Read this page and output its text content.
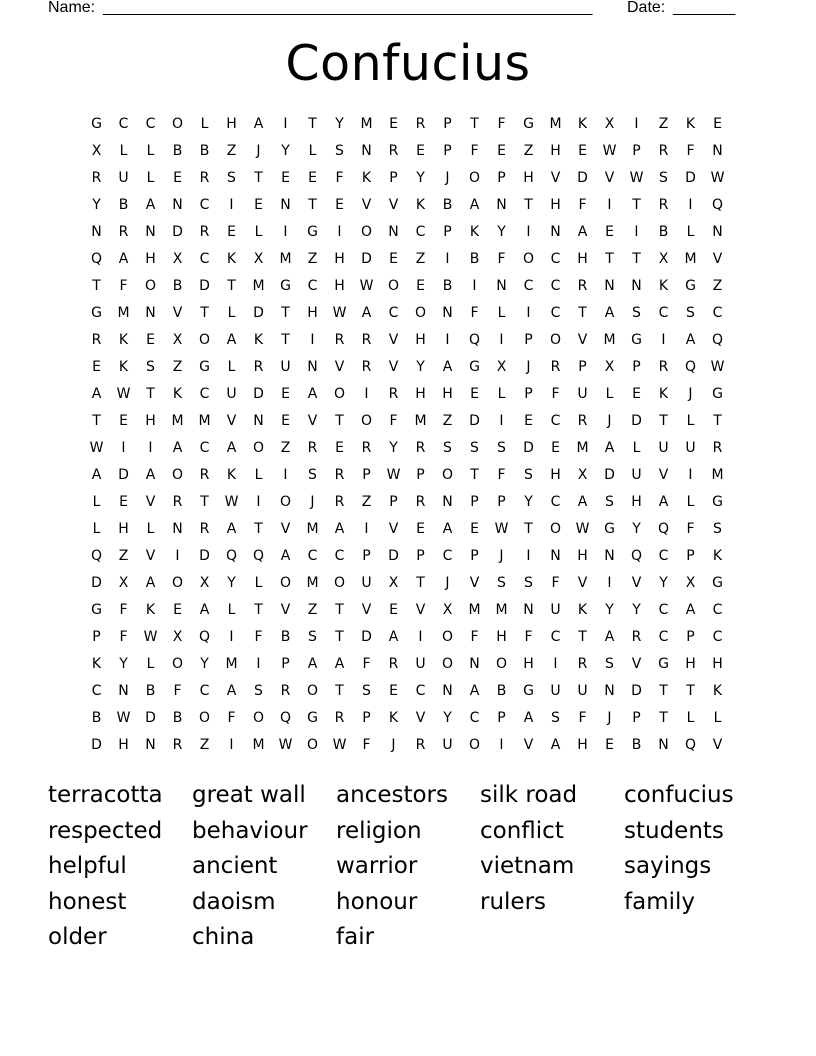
Name: _______________________________________________________ Date: _______
Confucius
G	C	C	O	L	H	A	I	T	Y	M	E	R	P	T	F	G	M	K	X	I	Z	K	E
X	L	L	B	B	Z	J	Y	L	S	N	R	E	P	F	E	Z	H	E	W	P	R	F	N
R	U	L	E	R	S	T	E	E	F	K	P	Y	J	O	P	H	V	D	V	W	S	D	W
Y	B	A	N	C	I	E	N	T	E	V	V	K	B	A	N	T	H	F	I	T	R	I	Q
N	R	N	D	R	E	L	I	G	I	O	N	C	P	K	Y	I	N	A	E	I	B	L	N
Q	A	H	X	C	K	X	M	Z	H	D	E	Z	I	B	F	O	C	H	T	T	X	M	V
T	F	O	B	D	T	M	G	C	H	W	O	E	B	I	N	C	C	R	N	N	K	G	Z
G	M	N	V	T	L	D	T	H	W	A	C	O	N	F	L	I	C	T	A	S	C	S	C
R	K	E	X	O	A	K	T	I	R	R	V	H	I	Q	I	P	O	V	M	G	I	A	Q
E	K	S	Z	G	L	R	U	N	V	R	V	Y	A	G	X	J	R	P	X	P	R	Q	W
A	W	T	K	C	U	D	E	A	O	I	R	H	H	E	L	P	F	U	L	E	K	J	G
T	E	H	M	M	V	N	E	V	T	O	F	M	Z	D	I	E	C	R	J	D	T	L	T
W	I	I	A	C	A	O	Z	R	E	R	Y	R	S	S	S	D	E	M	A	L	U	U	R
A	D	A	O	R	K	L	I	S	R	P	W	P	O	T	F	S	H	X	D	U	V	I	M
L	E	V	R	T	W	I	O	J	R	Z	P	R	N	P	P	Y	C	A	S	H	A	L	G
L	H	L	N	R	A	T	V	M	A	I	V	E	A	E	W	T	O	W	G	Y	Q	F	S
Q	Z	V	I	D	Q	Q	A	C	C	P	D	P	C	P	J	I	N	H	N	Q	C	P	K
D	X	A	O	X	Y	L	O	M	O	U	X	T	J	V	S	S	F	V	I	V	Y	X	G
G	F	K	E	A	L	T	V	Z	T	V	E	V	X	M	M	N	U	K	Y	Y	C	A	C
P	F	W	X	Q	I	F	B	S	T	D	A	I	O	F	H	F	C	T	A	R	C	P	C
K	Y	L	O	Y	M	I	P	A	A	F	R	U	O	N	O	H	I	R	S	V	G	H	H
C	N	B	F	C	A	S	R	O	T	S	E	C	N	A	B	G	U	U	N	D	T	T	K
B	W	D	B	O	F	O	Q	G	R	P	K	V	Y	C	P	A	S	F	J	P	T	L	L
D	H	N	R	Z	I	M	W	O	W	F	J	R	U	O	I	V	A	H	E	B	N	Q	V
terracotta	great wall	ancestors	silk road	confucius
respected	behaviour	religion	conflict	students
helpful	ancient	warrior	vietnam	sayings
honest	daoism	honour	rulers	family
older	china	fair
